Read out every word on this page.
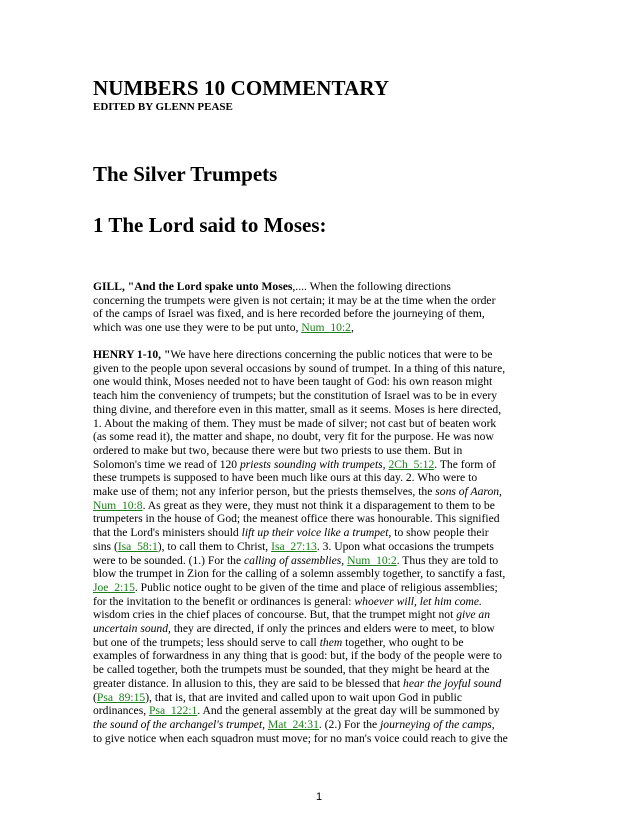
NUMBERS 10 COMMENTARY
EDITED BY GLENN PEASE
The Silver Trumpets
1 The Lord said to Moses:
GILL, "And the Lord spake unto Moses,.... When the following directions
concerning the trumpets were given is not certain; it may be at the time when the order
of the camps of Israel was fixed, and is here recorded before the journeying of them,
which was one use they were to be put unto, Num_10:2,
HENRY 1-10, "We have here directions concerning the public notices that were to be
given to the people upon several occasions by sound of trumpet. In a thing of this nature,
one would think, Moses needed not to have been taught of God: his own reason might
teach him the conveniency of trumpets; but the constitution of Israel was to be in every
thing divine, and therefore even in this matter, small as it seems. Moses is here directed,
1. About the making of them. They must be made of silver; not cast but of beaten work
(as some read it), the matter and shape, no doubt, very fit for the purpose. He was now
ordered to make but two, because there were but two priests to use them. But in
Solomon's time we read of 120 priests sounding with trumpets, 2Ch_5:12. The form of
these trumpets is supposed to have been much like ours at this day. 2. Who were to
make use of them; not any inferior person, but the priests themselves, the sons of Aaron,
Num_10:8. As great as they were, they must not think it a disparagement to them to be
trumpeters in the house of God; the meanest office there was honourable. This signified
that the Lord's ministers should lift up their voice like a trumpet, to show people their
sins (Isa_58:1), to call them to Christ, Isa_27:13. 3. Upon what occasions the trumpets
were to be sounded. (1.) For the calling of assemblies, Num_10:2. Thus they are told to
blow the trumpet in Zion for the calling of a solemn assembly together, to sanctify a fast,
Joe_2:15. Public notice ought to be given of the time and place of religious assemblies;
for the invitation to the benefit or ordinances is general: whoever will, let him come.
wisdom cries in the chief places of concourse. But, that the trumpet might not give an
uncertain sound, they are directed, if only the princes and elders were to meet, to blow
but one of the trumpets; less should serve to call them together, who ought to be
examples of forwardness in any thing that is good: but, if the body of the people were to
be called together, both the trumpets must be sounded, that they might be heard at the
greater distance. In allusion to this, they are said to be blessed that hear the joyful sound
(Psa_89:15), that is, that are invited and called upon to wait upon God in public
ordinances, Psa_122:1. And the general assembly at the great day will be summoned by
the sound of the archangel's trumpet, Mat_24:31. (2.) For the journeying of the camps,
to give notice when each squadron must move; for no man's voice could reach to give the
1
